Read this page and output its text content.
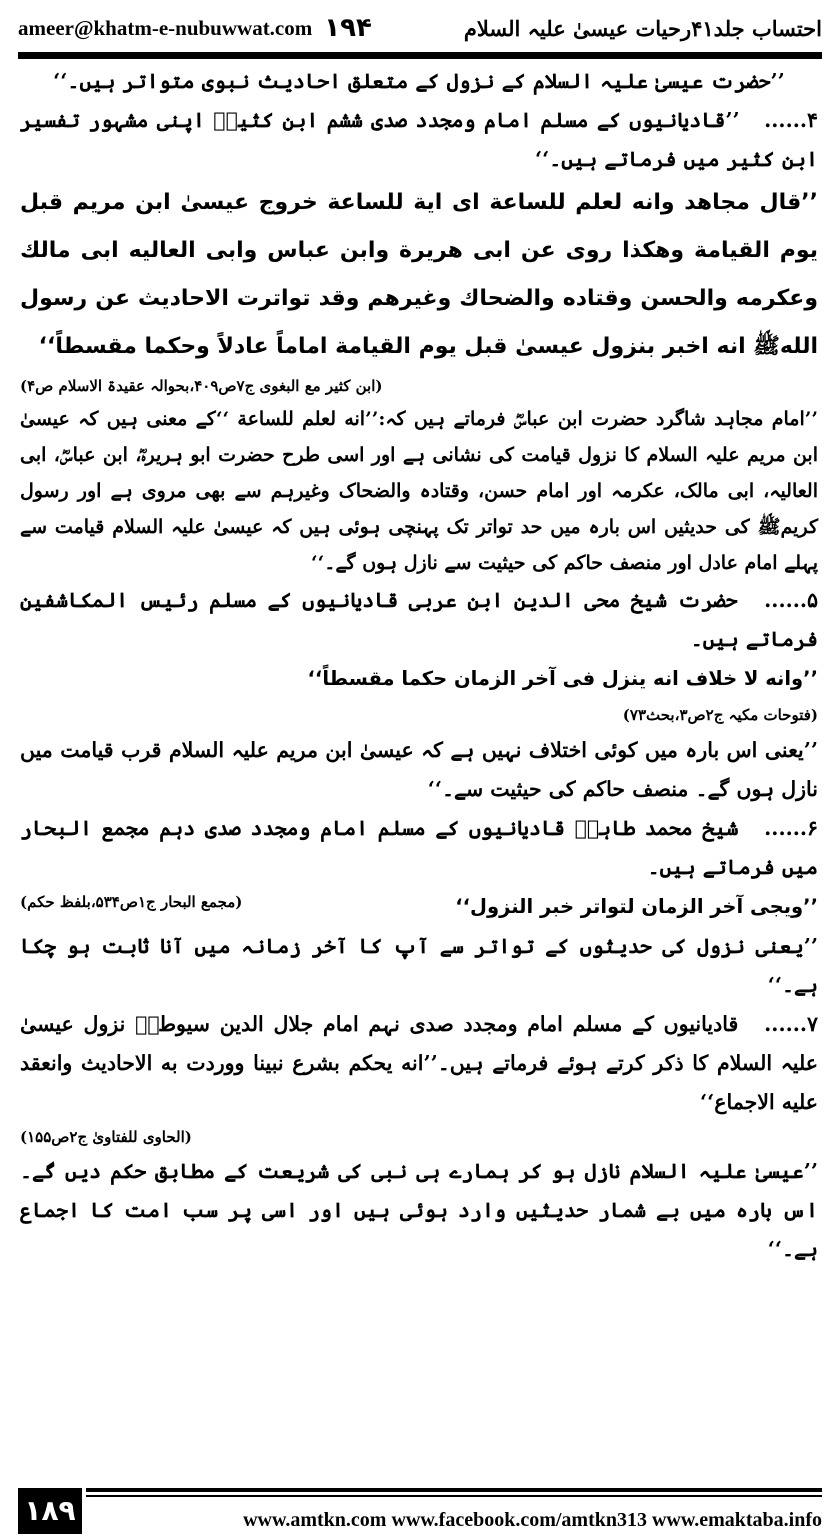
ameer@khatm-e-nubuwwat.com ۱۹۴	احتساب جلد۴۱رحیات عیسیٰ علیہ السلام

’’حضرت عیسیٰ علیہ السلام کے نزول کے متعلق احادیث نبوی متواتر ہیں۔‘‘

۴...... ’’قادیانیوں کے مسلم امام ومجدد صدی ششم ابن کثیرؒ اپنی مشہور تفسیر ابن کثیر میں فرماتے ہیں۔‘‘

’’قال مجاهد وانه لعلم للساعة اى اية للساعة خروج عيسىٰ ابن مريم قبل يوم القيامة وهكذا روى عن ابى هريرة وابن عباس وابى العاليه ابى مالك وعكرمه والحسن وقتاده والضحاك وغيرهم وقد تواترت الاحاديث عن رسول اللهﷺ انه اخبر بنزول عيسىٰ قبل يوم القيامة اماماً عادلاً وحكما مقسطاً‘‘

(ابن کثیر مع البغوی ج۷ص۴۰۹،بحوالہ عقیدۃ الاسلام ص۴)

’’امام مجاہد شاگرد حضرت ابن عباسؓ فرماتے ہیں کہ:’’انه لعلم للساعة ‘‘کے معنی ہیں کہ عیسیٰ ابن مریم علیہ السلام کا نزول قیامت کی نشانی ہے اور اسی طرح حضرت ابو ہریرہؓ، ابن عباسؓ، ابی العالیہ، ابی مالک، عکرمہ اور امام حسن، وقتادہ والضحاک وغیرہم سے بھی مروی ہے اور رسول کریمﷺ کی حدیثیں اس بارہ میں حد تواتر تک پہنچی ہوئی ہیں کہ عیسیٰ علیہ السلام قیامت سے پہلے امام عادل اور منصف حاکم کی حیثیت سے نازل ہوں گے۔‘‘

۵...... حضرت شیخ محی الدین ابن عربی قادیانیوں کے مسلم رئیس المکاشفین فرماتے ہیں۔

’’وانه لا خلاف انه ينزل فى آخر الزمان حكما مقسطاً‘‘

(فتوحات مکیہ ج۲ص۳،بحث۷۳)

’’یعنی اس بارہ میں کوئی اختلاف نہیں ہے کہ عیسیٰ ابن مریم علیہ السلام قرب قیامت میں نازل ہوں گے۔ منصف حاکم کی حیثیت سے۔‘‘

۶...... شیخ محمد طاہرؒ قادیانیوں کے مسلم امام ومجدد صدی دہم مجمع البحار میں فرماتے ہیں۔

’’ويجى آخر الزمان لتواتر خبر النزول‘‘
(مجمع البحار ج۱ص۵۳۴،بلفظ حکم)

’’یعنی نزول کی حدیثوں کے تواتر سے آپ کا آخر زمانہ میں آنا ثابت ہو چکا ہے۔‘‘

۷...... قادیانیوں کے مسلم امام ومجدد صدی نہم امام جلال الدین سیوطیؒ نزول عیسیٰ علیہ السلام کا ذکر کرتے ہوئے فرماتے ہیں۔’’انه يحكم بشرع نبينا ووردت به الاحاديث وانعقد عليه الاجماع‘‘

(الحاوی للفتاویٰ ج۲ص۱۵۵)

’’عیسیٰ علیہ السلام نازل ہو کر ہمارے ہی نبی کی شریعت کے مطابق حکم دیں گے۔ اس بارہ میں بے شمار حدیثیں وارد ہوئی ہیں اور اسی پر سب امت کا اجماع ہے۔‘‘

۱۸۹	www.amtkn.com www.facebook.com/amtkn313 www.emaktaba.info
